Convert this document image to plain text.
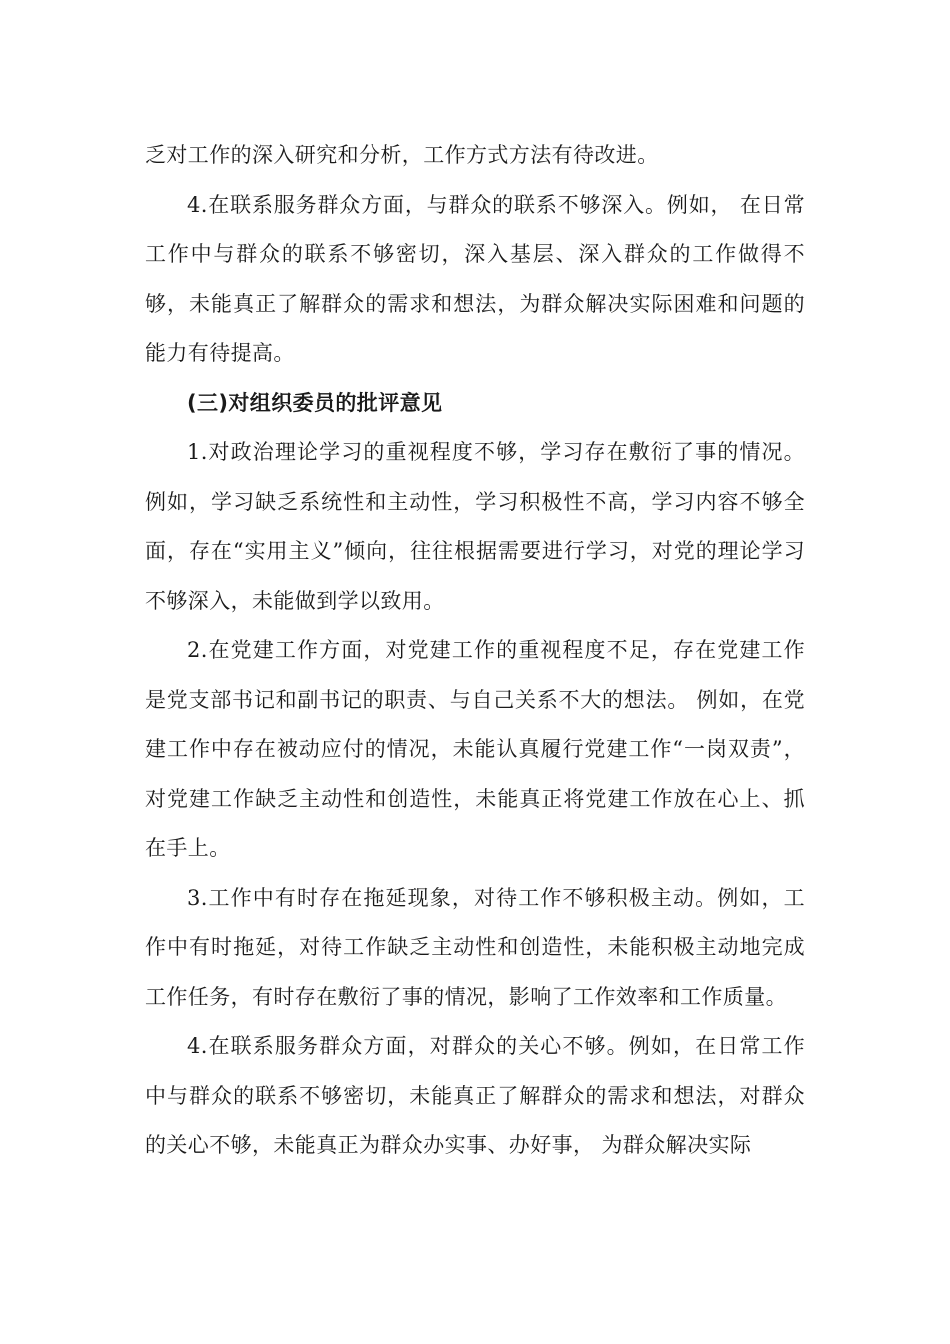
乏对工作的深入研究和分析，工作方式方法有待改进。

4.在联系服务群众方面，与群众的联系不够深入。例如， 在日常工作中与群众的联系不够密切，深入基层、深入群众的工作做得不够，未能真正了解群众的需求和想法，为群众解决实际困难和问题的能力有待提高。

(三)对组织委员的批评意见

1.对政治理论学习的重视程度不够，学习存在敷衍了事的情况。例如，学习缺乏系统性和主动性，学习积极性不高，学习内容不够全面，存在“实用主义”倾向，往往根据需要进行学习，对党的理论学习不够深入，未能做到学以致用。

2.在党建工作方面，对党建工作的重视程度不足，存在党建工作是党支部书记和副书记的职责、与自己关系不大的想法。 例如，在党建工作中存在被动应付的情况，未能认真履行党建工作“一岗双责”，对党建工作缺乏主动性和创造性，未能真正将党建工作放在心上、抓在手上。

3.工作中有时存在拖延现象，对待工作不够积极主动。例如，工作中有时拖延，对待工作缺乏主动性和创造性，未能积极主动地完成工作任务，有时存在敷衍了事的情况，影响了工作效率和工作质量。

4.在联系服务群众方面，对群众的关心不够。例如，在日常工作中与群众的联系不够密切，未能真正了解群众的需求和想法，对群众的关心不够，未能真正为群众办实事、办好事， 为群众解决实际
